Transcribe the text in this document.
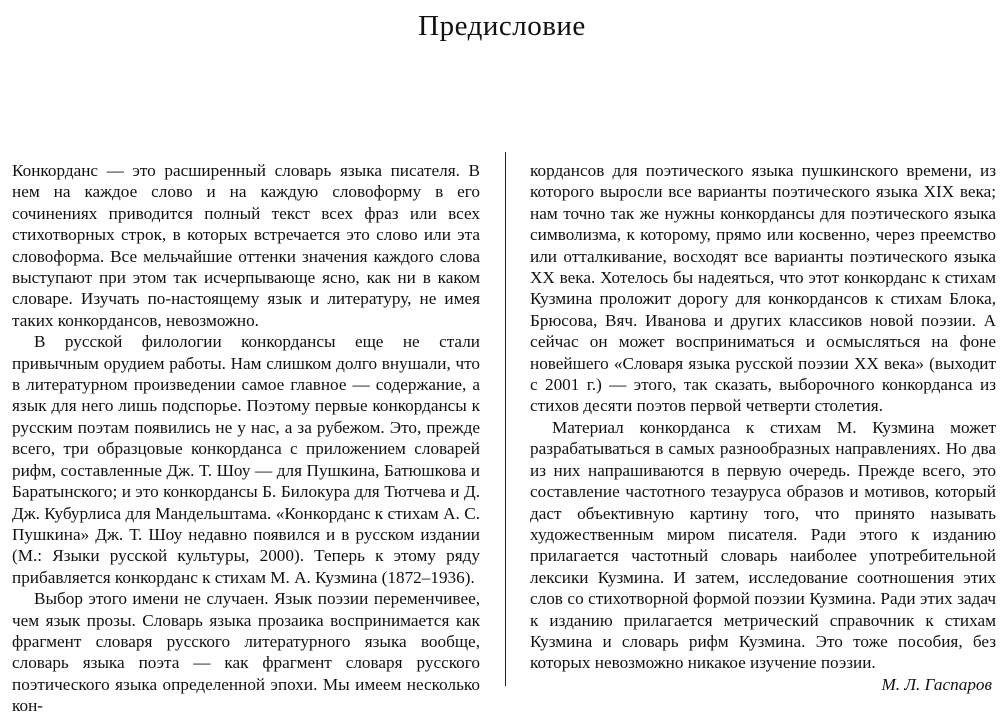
Предисловие

Конкорданс — это расширенный словарь языка писателя. В нем на каждое слово и на каждую словоформу в его сочинениях приводится полный текст всех фраз или всех стихотворных строк, в которых встречается это слово или эта словоформа. Все мельчайшие оттенки значения каждого слова выступают при этом так исчерпывающе ясно, как ни в каком словаре. Изучать по-настоящему язык и литературу, не имея таких конкордансов, невозможно.

В русской филологии конкордансы еще не стали привычным орудием работы. Нам слишком долго внушали, что в литературном произведении самое главное — содержание, а язык для него лишь подспорье. Поэтому первые конкордансы к русским поэтам появились не у нас, а за рубежом. Это, прежде всего, три образцовые конкорданса с приложением словарей рифм, составленные Дж. Т. Шоу — для Пушкина, Батюшкова и Баратынского; и это конкордансы Б. Билокура для Тютчева и Д. Дж. Кубурлиса для Мандельштама. «Конкорданс к стихам А. С. Пушкина» Дж. Т. Шоу недавно появился и в русском издании (М.: Языки русской культуры, 2000). Теперь к этому ряду прибавляется конкорданс к стихам М. А. Кузмина (1872–1936).

Выбор этого имени не случаен. Язык поэзии переменчивее, чем язык прозы. Словарь языка прозаика воспринимается как фрагмент словаря русского литературного языка вообще, словарь языка поэта — как фрагмент словаря русского поэтического языка определенной эпохи. Мы имеем несколько кон-

кордансов для поэтического языка пушкинского времени, из которого выросли все варианты поэтического языка XIX века; нам точно так же нужны конкордансы для поэтического языка символизма, к которому, прямо или косвенно, через преемство или отталкивание, восходят все варианты поэтического языка XX века. Хотелось бы надеяться, что этот конкорданс к стихам Кузмина проложит дорогу для конкордансов к стихам Блока, Брюсова, Вяч. Иванова и других классиков новой поэзии. А сейчас он может восприниматься и осмысляться на фоне новейшего «Словаря языка русской поэзии XX века» (выходит с 2001 г.) — этого, так сказать, выборочного конкорданса из стихов десяти поэтов первой четверти столетия.

Материал конкорданса к стихам М. Кузмина может разрабатываться в самых разнообразных направлениях. Но два из них напрашиваются в первую очередь. Прежде всего, это составление частотного тезауруса образов и мотивов, который даст объективную картину того, что принято называть художественным миром писателя. Ради этого к изданию прилагается частотный словарь наиболее употребительной лексики Кузмина. И затем, исследование соотношения этих слов со стихотворной формой поэзии Кузмина. Ради этих задач к изданию прилагается метрический справочник к стихам Кузмина и словарь рифм Кузмина. Это тоже пособия, без которых невозможно никакое изучение поэзии.

М. Л. Гаспаров
